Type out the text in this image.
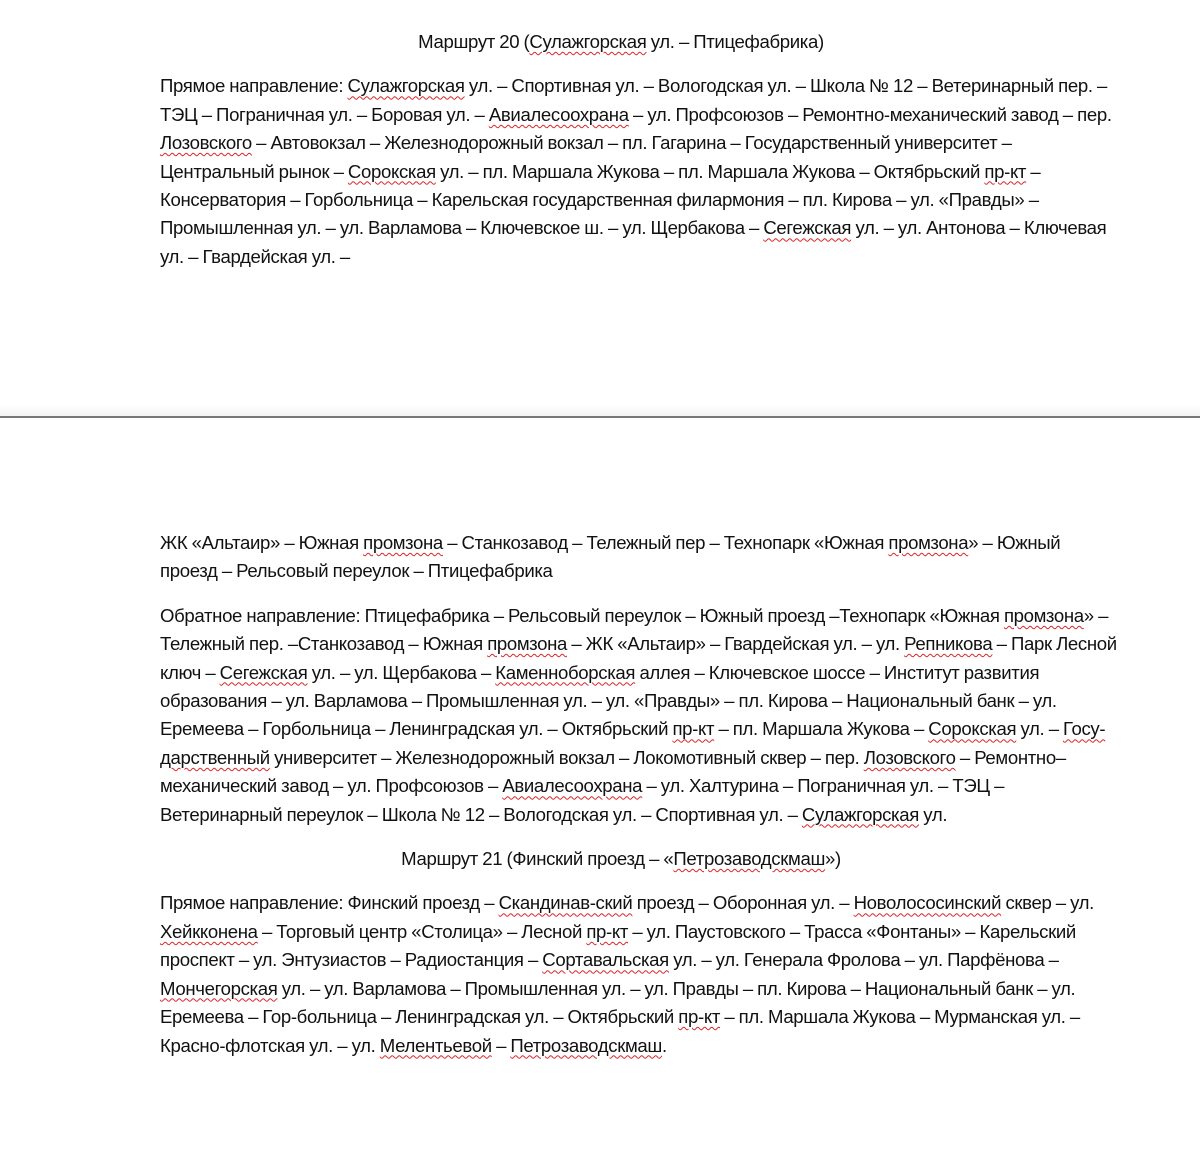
Маршрут 20 (Сулажгорская ул. – Птицефабрика)

Прямое направление: Сулажгорская ул. – Спортивная ул. – Вологодская ул. – Школа № 12 – Ветеринарный пер. – ТЭЦ – Пограничная ул. – Боровая ул. – Авиалесоохрана – ул. Профсоюзов – Ремонтно-механический завод – пер. Лозовского – Автовокзал – Железнодорожный вокзал – пл. Гагарина – Государственный университет – Центральный рынок – Сорокская ул. – пл. Маршала Жукова – пл. Маршала Жукова – Октябрьский пр-кт – Консерватория – Горбольница – Карельская государственная филармония – пл. Кирова – ул. «Правды» – Промышленная ул. – ул. Варламова – Ключевское ш. – ул. Щербакова – Сегежская ул. – ул. Антонова – Ключевая ул. – Гвардейская ул. –

ЖК «Альтаир» – Южная промзона – Станкозавод – Тележный пер – Технопарк «Южная промзона» – Южный проезд – Рельсовый переулок – Птицефабрика

Обратное направление: Птицефабрика – Рельсовый переулок – Южный проезд –Технопарк «Южная промзона» – Тележный пер. –Станкозавод – Южная промзона – ЖК «Альтаир» – Гвардейская ул. – ул. Репникова – Парк Лесной ключ – Сегежская ул. – ул. Щербакова – Каменноборская аллея – Ключевское шоссе – Институт развития образования – ул. Варламова – Промышленная ул. – ул. «Правды» – пл. Кирова – Национальный банк – ул. Еремеева – Горбольница – Ленинградская ул. – Октябрьский пр-кт – пл. Маршала Жукова – Сорокская ул. – Госу-дарственный университет – Железнодорожный вокзал – Локомотивный сквер – пер. Лозовского – Ремонтно–механический завод – ул. Профсоюзов – Авиалесоохрана – ул. Халтурина – Пограничная ул. – ТЭЦ – Ветеринарный переулок – Школа № 12 – Вологодская ул. – Спортивная ул. – Сулажгорская ул.

Маршрут 21 (Финский проезд – «Петрозаводскмаш»)

Прямое направление: Финский проезд – Скандинав-ский проезд – Оборонная ул. – Новолососинский сквер – ул. Хейкконена – Торговый центр «Столица» – Лесной пр-кт – ул. Паустовского – Трасса «Фонтаны» – Карельский проспект – ул. Энтузиастов – Радиостанция – Сортавальская ул. – ул. Генерала Фролова – ул. Парфёнова – Мончегорская ул. – ул. Варламова – Промышленная ул. – ул. Правды – пл. Кирова – Национальный банк – ул. Еремеева – Гор-больница – Ленинградская ул. – Октябрьский пр-кт – пл. Маршала Жукова – Мурманская ул. – Красно-флотская ул. – ул. Мелентьевой – Петрозаводскмаш.
